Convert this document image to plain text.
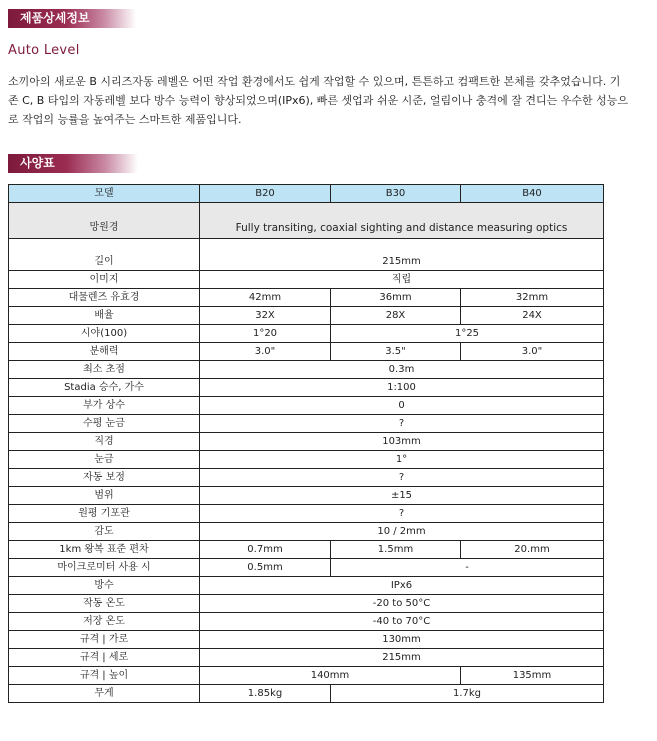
제품상세정보
Auto Level
소끼아의 새로운 B 시리즈자동 레벨은 어떤 작업 환경에서도 쉽게 작업할 수 있으며, 튼튼하고 컴팩트한 본체를 갖추었습니다. 기
존 C, B 타입의 자동레벨 보다 방수 능력이 향상되었으며(IPx6), 빠른 셋업과 쉬운 시준, 얼림이나 충격에 잘 견디는 우수한 성능으
로 작업의 능률을 높여주는 스마트한 제품입니다.
사양표
모델	B20	B30	B40
망원경	Fully transiting, coaxial sighting and distance measuring optics		
길이	215mm		
이미지	직립		
대물렌즈 유효경	42mm	36mm	32mm
배율	32X	28X	24X
시야(100)	1°20	1°25	
분해력	3.0"	3.5"	3.0"
최소 초점	0.3m		
Stadia 승수, 가수	1:100		
부가 상수	0		
수평 눈금	?		
직경	103mm		
눈금	1°		
자동 보정	?		
범위	±15		
원평 기포관	?		
감도	10 / 2mm		
1km 왕복 표준 편차	0.7mm	1.5mm	20.mm
마이크로미터 사용 시	0.5mm	-	
방수	IPx6		
작동 온도	-20 to 50°C		
저장 온도	-40 to 70°C		
규격 | 가로	130mm		
규격 | 세로	215mm		
규격 | 높이	140mm		135mm
무게	1.85kg	1.7kg	
